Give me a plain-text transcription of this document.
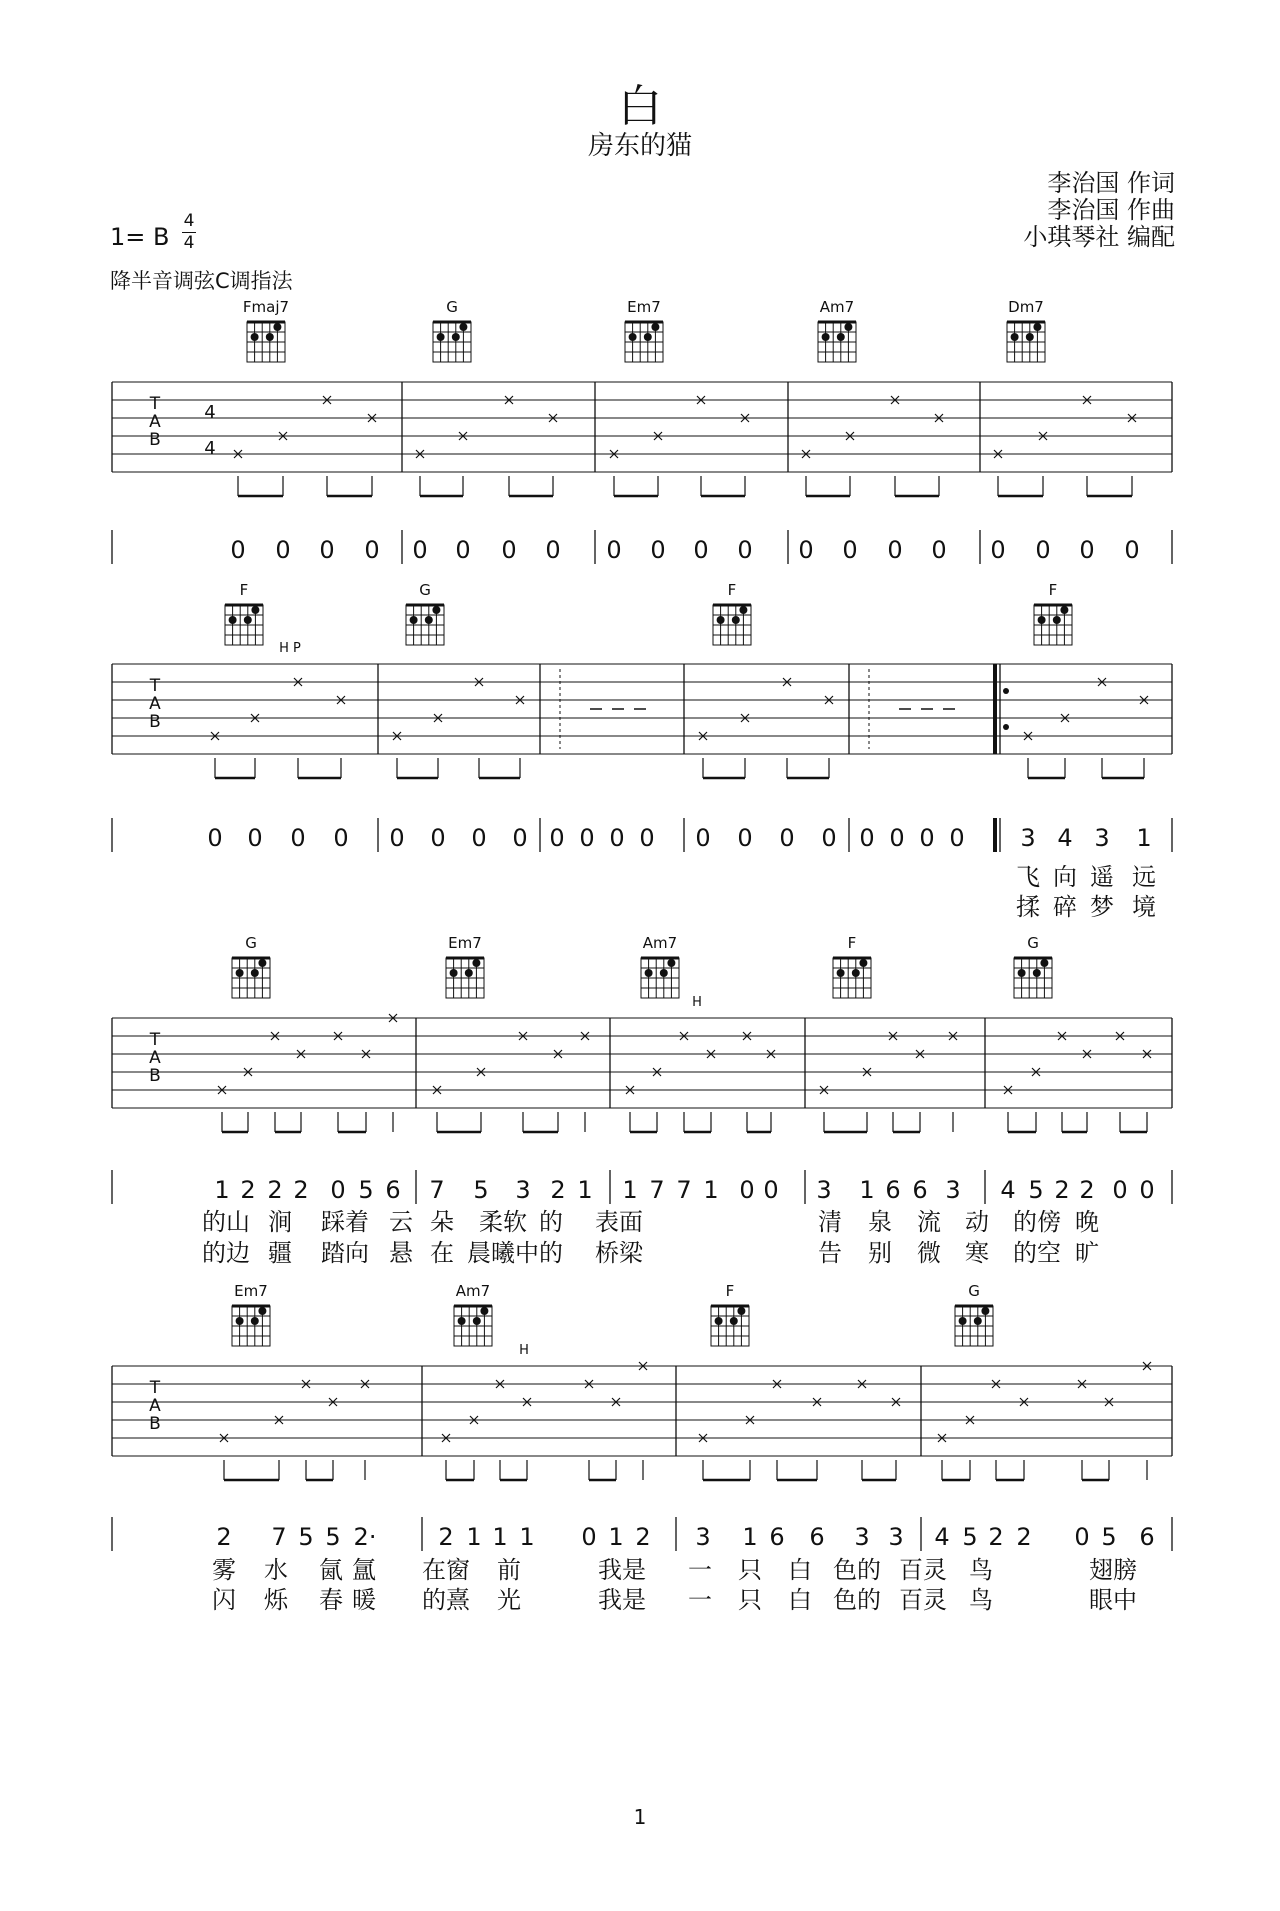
白
房东的猫
李治国 作词
李治国 作曲
小琪琴社 编配
1= B
4
4
降半音调弦C调指法
Fmaj7	G	Em7	Am7	Dm7
T
A
B
4
4
0 0 0 0 0 0 0 0 0 0 0 0 0 0 0 0 0 0 0 0
F	G	F	F
H P
T
A
B
0 0 0 0 0 0 0 0 0 0 0 0 0 0 0 0 0 0 0 0 3 4 3 1
飞 向 遥 远
揉 碎 梦 境
G	Em7	Am7	F	G
H
T
A
B
1 2 2 2 0 5 6 7 5 3 2 1 1 7 7 1 0 0 3 1 6 6 3 4 5 2 2 0 0
的山 涧 踩着 云 朵 柔软 的 表面	清 泉 流 动 的傍 晚
的边 疆 踏向 悬 在 晨曦中 的 桥梁	告 别 微 寒 的空 旷
Em7	Am7	F	G
H
T
A
B
2 7 5 5 2·	2 1 1 1 0 1 2 3 1 6 6 3 3 4 5 2 2 0 5 6
雾 水 氤 氲 在窗 前	我是 一 只 白 色的 百灵 鸟	翅膀
闪 烁 春 暖 的熹 光	我是 一 只 白 色的 百灵 鸟	眼中
1
